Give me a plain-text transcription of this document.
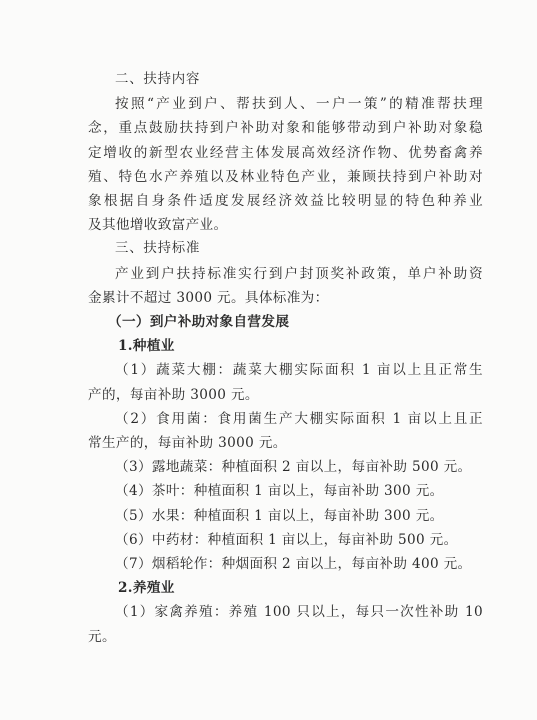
二、扶持内容
按照“产业到户、帮扶到人、一户一策”的精准帮扶理
念，重点鼓励扶持到户补助对象和能够带动到户补助对象稳
定增收的新型农业经营主体发展高效经济作物、优势畜禽养
殖、特色水产养殖以及林业特色产业，兼顾扶持到户补助对
象根据自身条件适度发展经济效益比较明显的特色种养业
及其他增收致富产业。
三、扶持标准
产业到户扶持标准实行到户封顶奖补政策，单户补助资
金累计不超过 3000 元。具体标准为：
（一）到户补助对象自营发展
1.种植业
（1）蔬菜大棚：蔬菜大棚实际面积 1 亩以上且正常生
产的，每亩补助 3000 元。
（2）食用菌：食用菌生产大棚实际面积 1 亩以上且正
常生产的，每亩补助 3000 元。
（3）露地蔬菜：种植面积 2 亩以上，每亩补助 500 元。
（4）茶叶：种植面积 1 亩以上，每亩补助 300 元。
（5）水果：种植面积 1 亩以上，每亩补助 300 元。
（6）中药材：种植面积 1 亩以上，每亩补助 500 元。
（7）烟稻轮作：种烟面积 2 亩以上，每亩补助 400 元。
2.养殖业
（1）家禽养殖：养殖 100 只以上，每只一次性补助 10
元。
